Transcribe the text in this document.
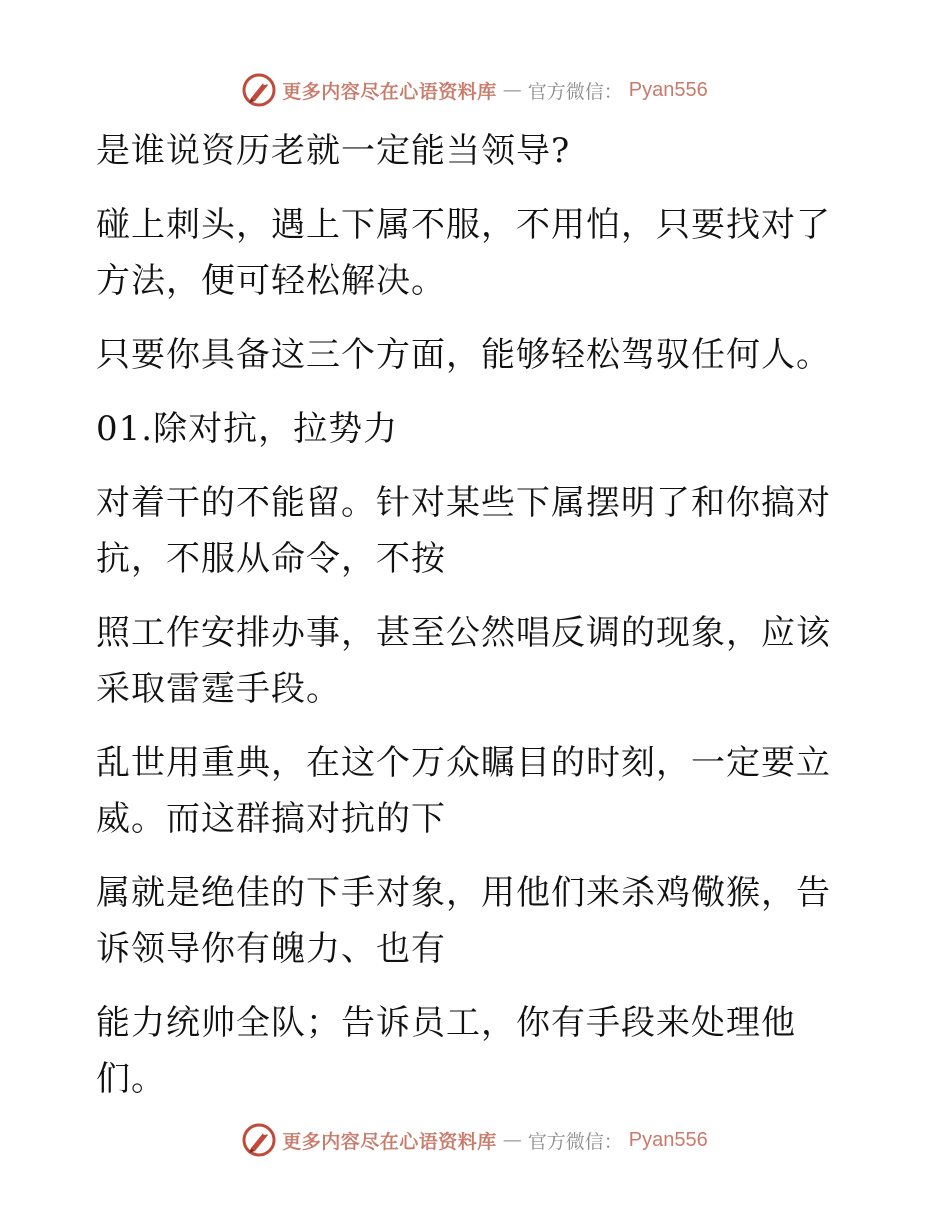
更多内容尽在心语资料库 — 官方微信： Pyan556
是谁说资历老就一定能当领导?
碰上刺头，遇上下属不服，不用怕，只要找对了
方法，便可轻松解决。
只要你具备这三个方面，能够轻松驾驭任何人。
01.除对抗，拉势力
对着干的不能留。针对某些下属摆明了和你搞对
抗，不服从命令，不按
照工作安排办事，甚至公然唱反调的现象，应该
采取雷霆手段。
乱世用重典，在这个万众瞩目的时刻，一定要立
威。而这群搞对抗的下
属就是绝佳的下手对象，用他们来杀鸡儆猴，告
诉领导你有魄力、也有
能力统帅全队；告诉员工，你有手段来处理他
们。
更多内容尽在心语资料库 — 官方微信： Pyan556
